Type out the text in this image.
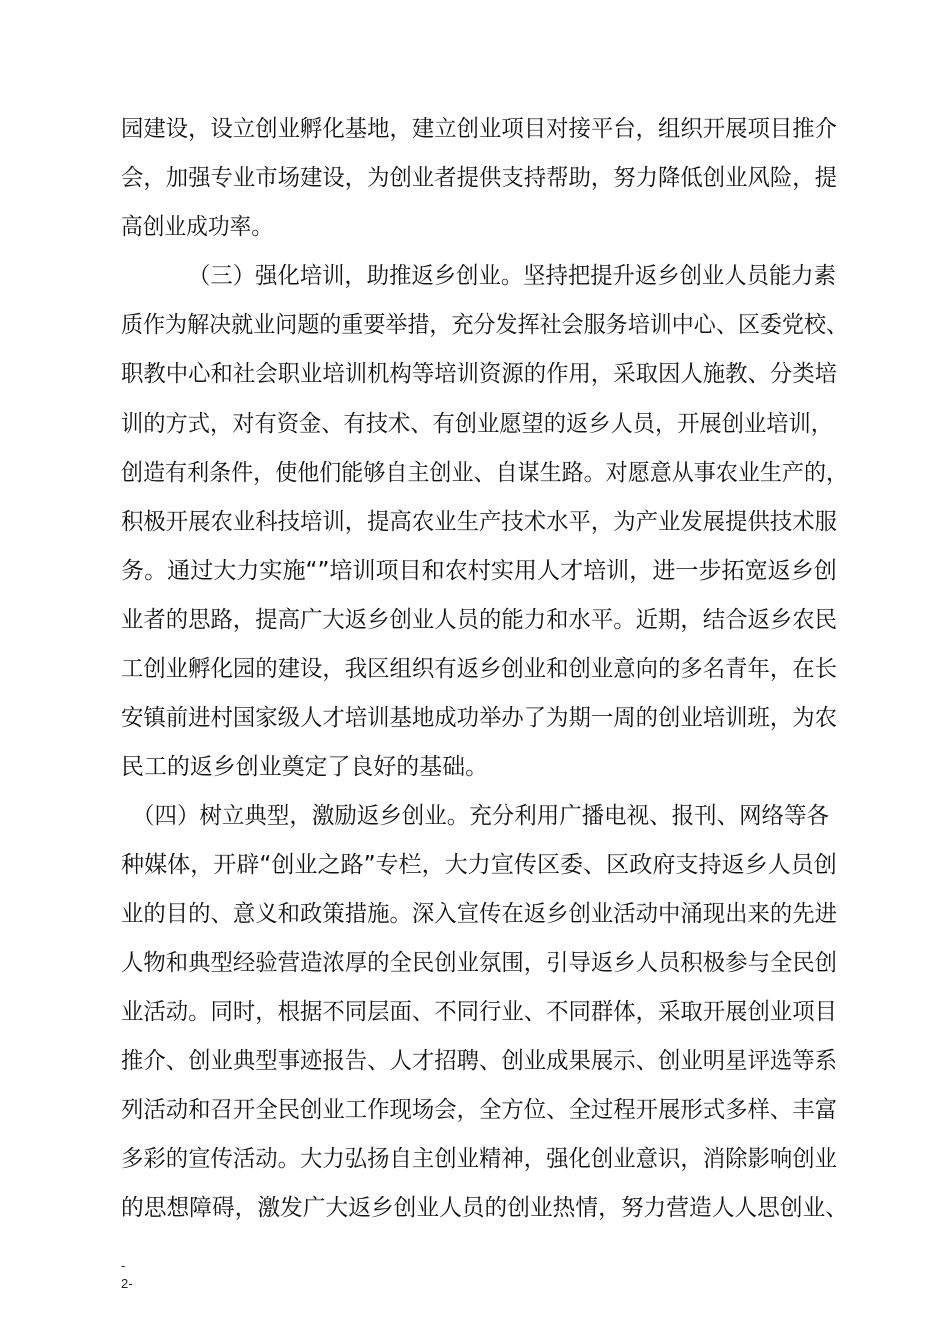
园建设，设立创业孵化基地，建立创业项目对接平台，组织开展项目推介
会，加强专业市场建设，为创业者提供支持帮助，努力降低创业风险，提
高创业成功率。
（三）强化培训，助推返乡创业。坚持把提升返乡创业人员能力素
质作为解决就业问题的重要举措，充分发挥社会服务培训中心、区委党校、
职教中心和社会职业培训机构等培训资源的作用，采取因人施教、分类培
训的方式，对有资金、有技术、有创业愿望的返乡人员，开展创业培训，
创造有利条件，使他们能够自主创业、自谋生路。对愿意从事农业生产的，
积极开展农业科技培训，提高农业生产技术水平，为产业发展提供技术服
务。通过大力实施“”培训项目和农村实用人才培训，进一步拓宽返乡创
业者的思路，提高广大返乡创业人员的能力和水平。近期，结合返乡农民
工创业孵化园的建设，我区组织有返乡创业和创业意向的多名青年，在长
安镇前进村国家级人才培训基地成功举办了为期一周的创业培训班，为农
民工的返乡创业奠定了良好的基础。
（四）树立典型，激励返乡创业。充分利用广播电视、报刊、网络等各
种媒体，开辟“创业之路”专栏，大力宣传区委、区政府支持返乡人员创
业的目的、意义和政策措施。深入宣传在返乡创业活动中涌现出来的先进
人物和典型经验营造浓厚的全民创业氛围，引导返乡人员积极参与全民创
业活动。同时，根据不同层面、不同行业、不同群体，采取开展创业项目
推介、创业典型事迹报告、人才招聘、创业成果展示、创业明星评选等系
列活动和召开全民创业工作现场会，全方位、全过程开展形式多样、丰富
多彩的宣传活动。大力弘扬自主创业精神，强化创业意识，消除影响创业
的思想障碍，激发广大返乡创业人员的创业热情，努力营造人人思创业、
-
2-
